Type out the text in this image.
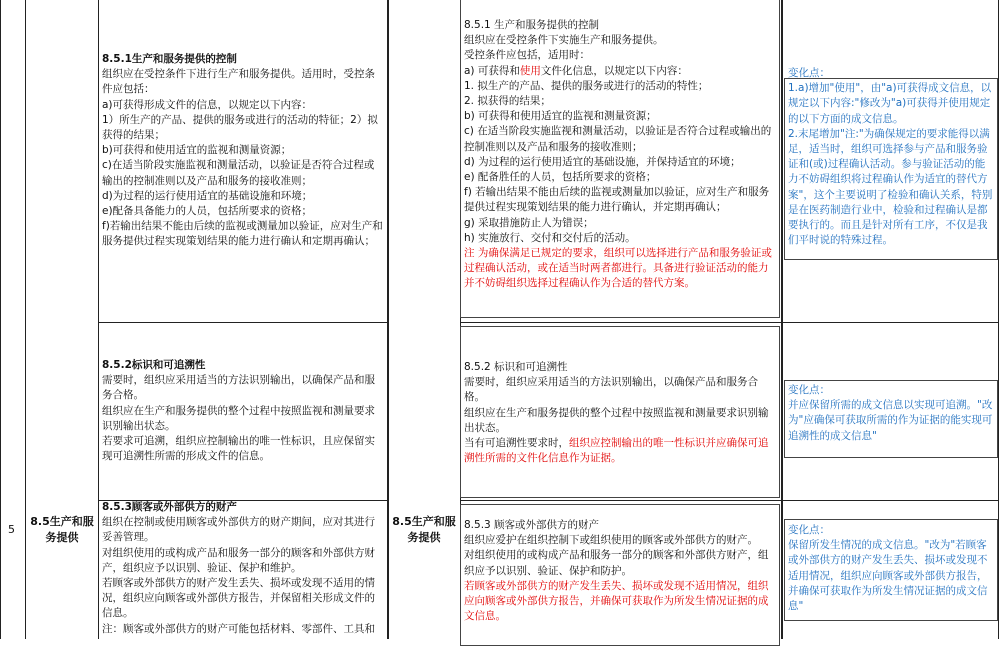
5
8.5生产和服务提供
8.5生产和服务提供

8.5.1生产和服务提供的控制

组织应在受控条件下进行生产和服务提供。适用时，受控条件应包括：

a)可获得形成文件的信息，以规定以下内容：

1）所生产的产品、提供的服务或进行的活动的特征；2）拟获得的结果；

b)可获得和使用适宜的监视和测量资源；

c)在适当阶段实施监视和测量活动，以验证是否符合过程或输出的控制准则以及产品和服务的接收准则；

d)为过程的运行使用适宜的基础设施和环境；

e)配备具备能力的人员，包括所要求的资格；

f)若输出结果不能由后续的监视或测量加以验证，应对生产和服务提供过程实现策划结果的能力进行确认和定期再确认；

8.5.2标识和可追溯性

需要时，组织应采用适当的方法识别输出，以确保产品和服务合格。

组织应在生产和服务提供的整个过程中按照监视和测量要求识别输出状态。

若要求可追溯，组织应控制输出的唯一性标识，且应保留实现可追溯性所需的形成文件的信息。

8.5.3顾客或外部供方的财产

组织在控制或使用顾客或外部供方的财产期间，应对其进行妥善管理。

对组织使用的或构成产品和服务一部分的顾客和外部供方财产，组织应予以识别、验证、保护和维护。

若顾客或外部供方的财产发生丢失、损坏或发现不适用的情况，组织应向顾客或外部供方报告，并保留相关形成文件的信息。

注：顾客或外部供方的财产可能包括材料、零部件、工具和

8.5.1 生产和服务提供的控制

组织应在受控条件下实施生产和服务提供。

受控条件应包括，适用时：

a) 可获得和使用文件化信息，以规定以下内容：

1. 拟生产的产品、提供的服务或进行的活动的特性；

2. 拟获得的结果；

b) 可获得和使用适宜的监视和测量资源；

c) 在适当阶段实施监视和测量活动，以验证是否符合过程或输出的控制准则以及产品和服务的接收准则；

d) 为过程的运行使用适宜的基础设施，并保持适宜的环境；

e) 配备胜任的人员，包括所要求的资格；

f) 若输出结果不能由后续的监视或测量加以验证，应对生产和服务提供过程实现策划结果的能力进行确认，并定期再确认；

g) 采取措施防止人为错误；

h) 实施放行、交付和交付后的活动。

注 为确保满足已规定的要求，组织可以选择进行产品和服务验证或过程确认活动，或在适当时两者都进行。具备进行验证活动的能力并不妨碍组织选择过程确认作为合适的替代方案。

8.5.2 标识和可追溯性

需要时，组织应采用适当的方法识别输出，以确保产品和服务合格。

组织应在生产和服务提供的整个过程中按照监视和测量要求识别输出状态。

当有可追溯性要求时，组织应控制输出的唯一性标识并应确保可追溯性所需的文件化信息作为证据。

8.5.3 顾客或外部供方的财产

组织应爱护在组织控制下或组织使用的顾客或外部供方的财产。

对组织使用的或构成产品和服务一部分的顾客和外部供方财产，组织应予以识别、验证、保护和防护。

若顾客或外部供方的财产发生丢失、损坏或发现不适用情况，组织应向顾客或外部供方报告，并确保可获取作为所发生情况证据的成文信息。

变化点：

1.a)增加"使用"，由"a)可获得成文信息，以规定以下内容:"修改为"a)可获得并使用规定的以下方面的成文信息。
2.末尾增加"注:"为确保规定的要求能得以满足，适当时，组织可选择参与产品和服务验证和(或)过程确认活动。参与验证活动的能力不妨碍组织将过程确认作为适宜的替代方案"，这个主要说明了检验和确认关系，特别是在医药制造行业中，检验和过程确认是都要执行的。而且是针对所有工序，不仅是我们平时说的特殊过程。

变化点：

并应保留所需的成文信息以实现可追溯。"改为"应确保可获取所需的作为证据的能实现可追溯性的成文信息"

变化点：

保留所发生情况的成文信息。"改为"若顾客或外部供方的财产发生丢失、损坏或发现不适用情况，组织应向顾客或外部供方报告，并确保可获取作为所发生情况证据的成文信息"
